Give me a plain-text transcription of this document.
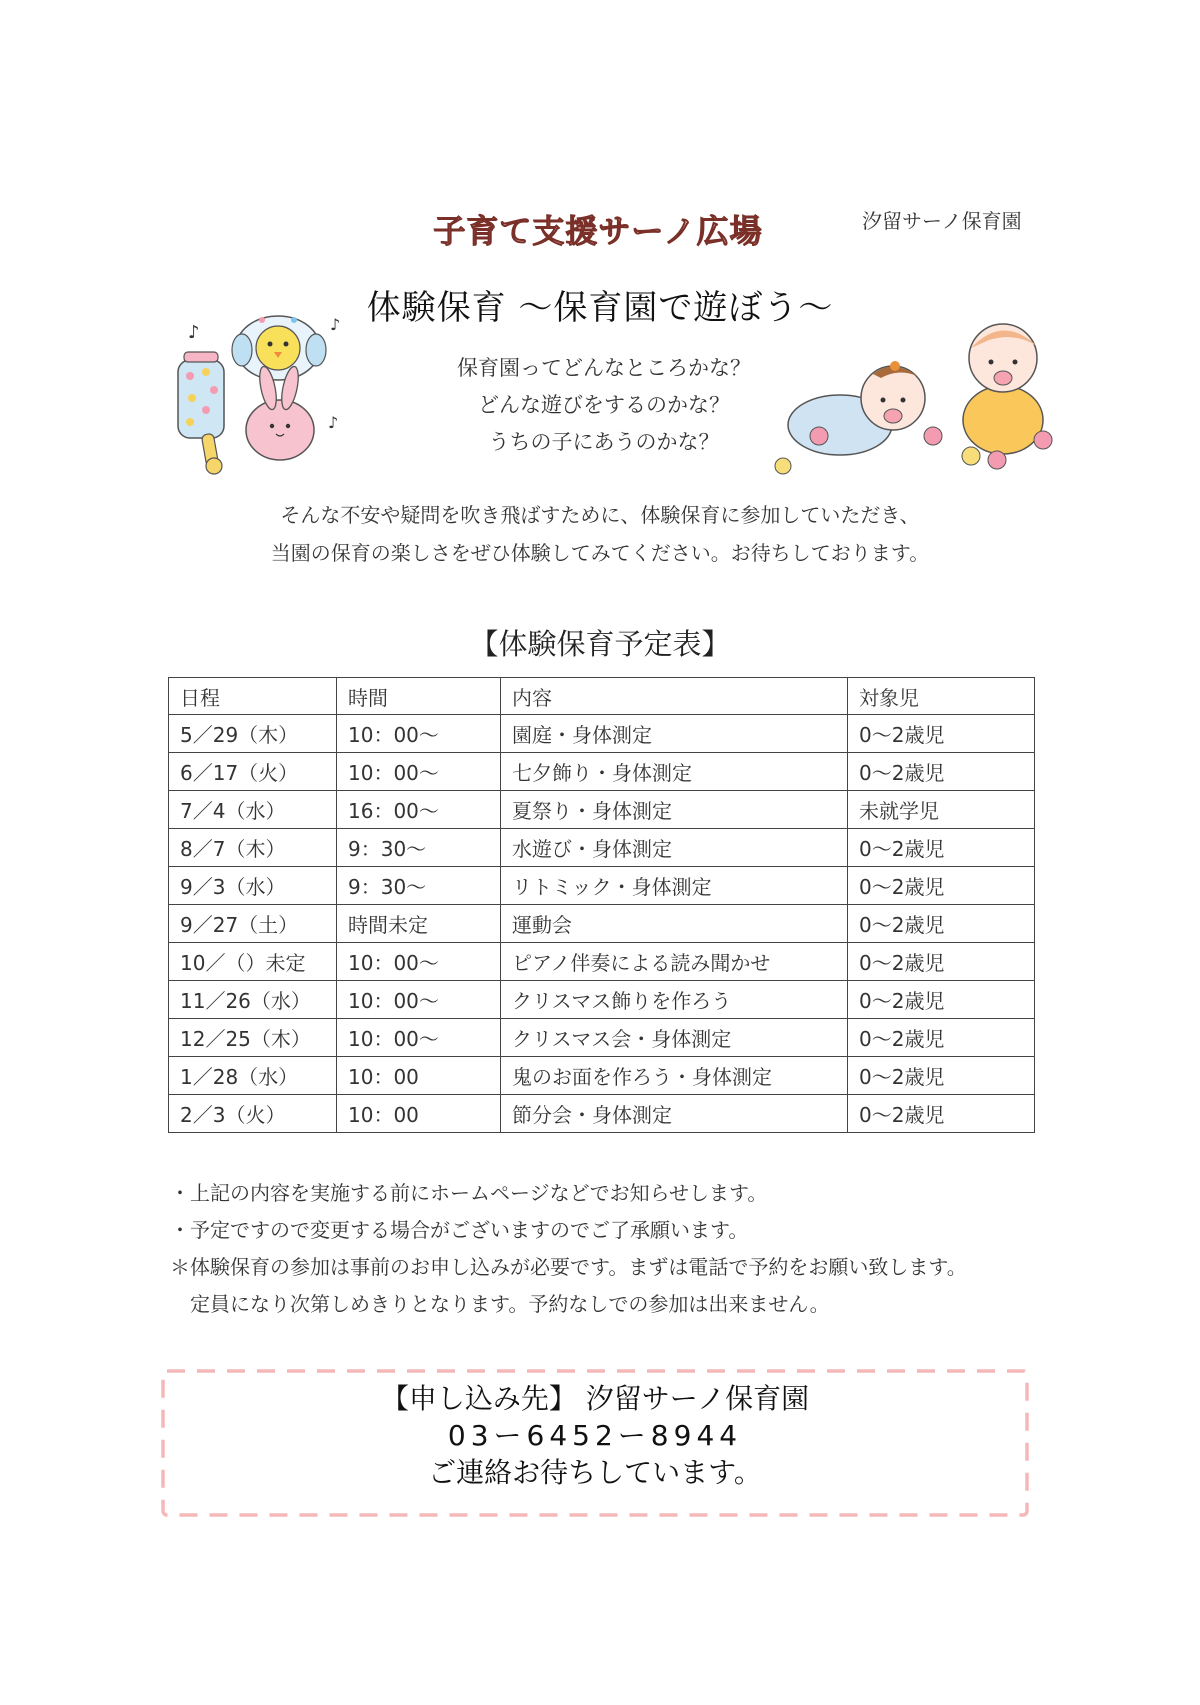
子育て支援サーノ広場	汐留サーノ保育園
体験保育 ～保育園で遊ぼう～
♪	♪
♪
保育園ってどんなところかな？
どんな遊びをするのかな？
うちの子にあうのかな？
そんな不安や疑問を吹き飛ばすために、体験保育に参加していただき、
当園の保育の楽しさをぜひ体験してみてください。お待ちしております。
【体験保育予定表】
日程	時間	内容	対象児
5／29（木）	10：00～	園庭・身体測定	0～2歳児
6／17（火）	10：00～	七夕飾り・身体測定	0～2歳児
7／4（水）	16：00～	夏祭り・身体測定	未就学児
8／7（木）	9：30～	水遊び・身体測定	0～2歳児
9／3（水）	9：30～	リトミック・身体測定	0～2歳児
9／27（土）	時間未定	運動会	0～2歳児
10／（）未定	10：00～	ピアノ伴奏による読み聞かせ	0～2歳児
11／26（水）	10：00～	クリスマス飾りを作ろう	0～2歳児
12／25（木）	10：00～	クリスマス会・身体測定	0～2歳児
1／28（水）	10：00	鬼のお面を作ろう・身体測定	0～2歳児
2／3（火）	10：00	節分会・身体測定	0～2歳児
・上記の内容を実施する前にホームページなどでお知らせします。
・予定ですので変更する場合がございますのでご了承願います。
＊体験保育の参加は事前のお申し込みが必要です。まずは電話で予約をお願い致します。
定員になり次第しめきりとなります。予約なしでの参加は出来ません。
【申し込み先】 汐留サーノ保育園
03ー6452ー8944
ご連絡お待ちしています。
